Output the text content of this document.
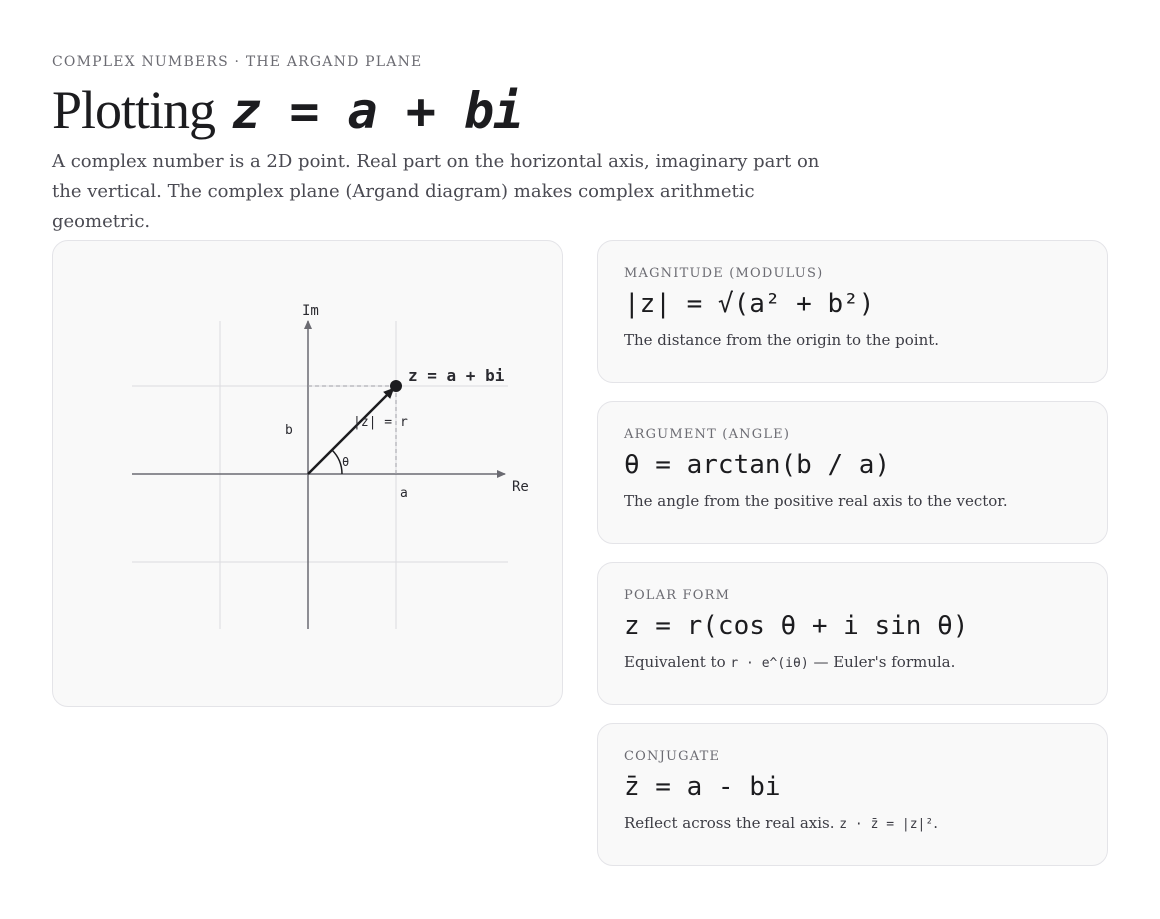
COMPLEX NUMBERS · THE ARGAND PLANE
Plotting z = a + bi

A complex number is a 2D point. Real part on the horizontal axis, imaginary part on the vertical. The complex plane (Argand diagram) makes complex arithmetic geometric.

Im
Re
z = a + bi
|z| = r
θ
a
b
MAGNITUDE (MODULUS)
|z| = √(a² + b²)
The distance from the origin to the point.
ARGUMENT (ANGLE)
θ = arctan(b / a)
The angle from the positive real axis to the vector.
POLAR FORM
z = r(cos θ + i sin θ)
Equivalent to r · e^(iθ) — Euler's formula.
CONJUGATE
z̄ = a - bi
Reflect across the real axis. z · z̄ = |z|².
